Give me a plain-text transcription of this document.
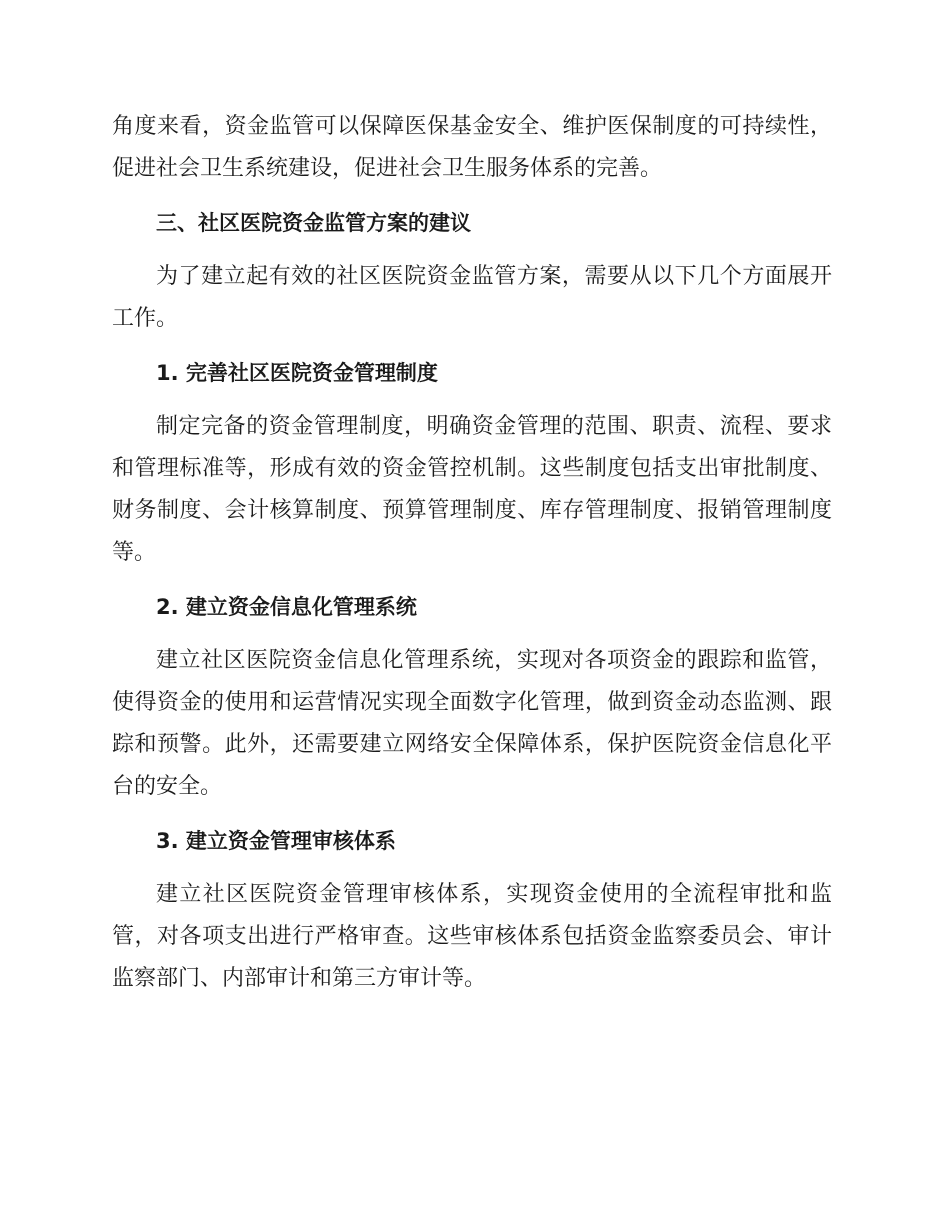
角度来看，资金监管可以保障医保基金安全、维护医保制度的可持续性，促进社会卫生系统建设，促进社会卫生服务体系的完善。

三、社区医院资金监管方案的建议

为了建立起有效的社区医院资金监管方案，需要从以下几个方面展开工作。

1. 完善社区医院资金管理制度

制定完备的资金管理制度，明确资金管理的范围、职责、流程、要求和管理标准等，形成有效的资金管控机制。这些制度包括支出审批制度、财务制度、会计核算制度、预算管理制度、库存管理制度、报销管理制度等。

2. 建立资金信息化管理系统

建立社区医院资金信息化管理系统，实现对各项资金的跟踪和监管，使得资金的使用和运营情况实现全面数字化管理，做到资金动态监测、跟踪和预警。此外，还需要建立网络安全保障体系，保护医院资金信息化平台的安全。

3. 建立资金管理审核体系

建立社区医院资金管理审核体系，实现资金使用的全流程审批和监管，对各项支出进行严格审查。这些审核体系包括资金监察委员会、审计监察部门、内部审计和第三方审计等。
